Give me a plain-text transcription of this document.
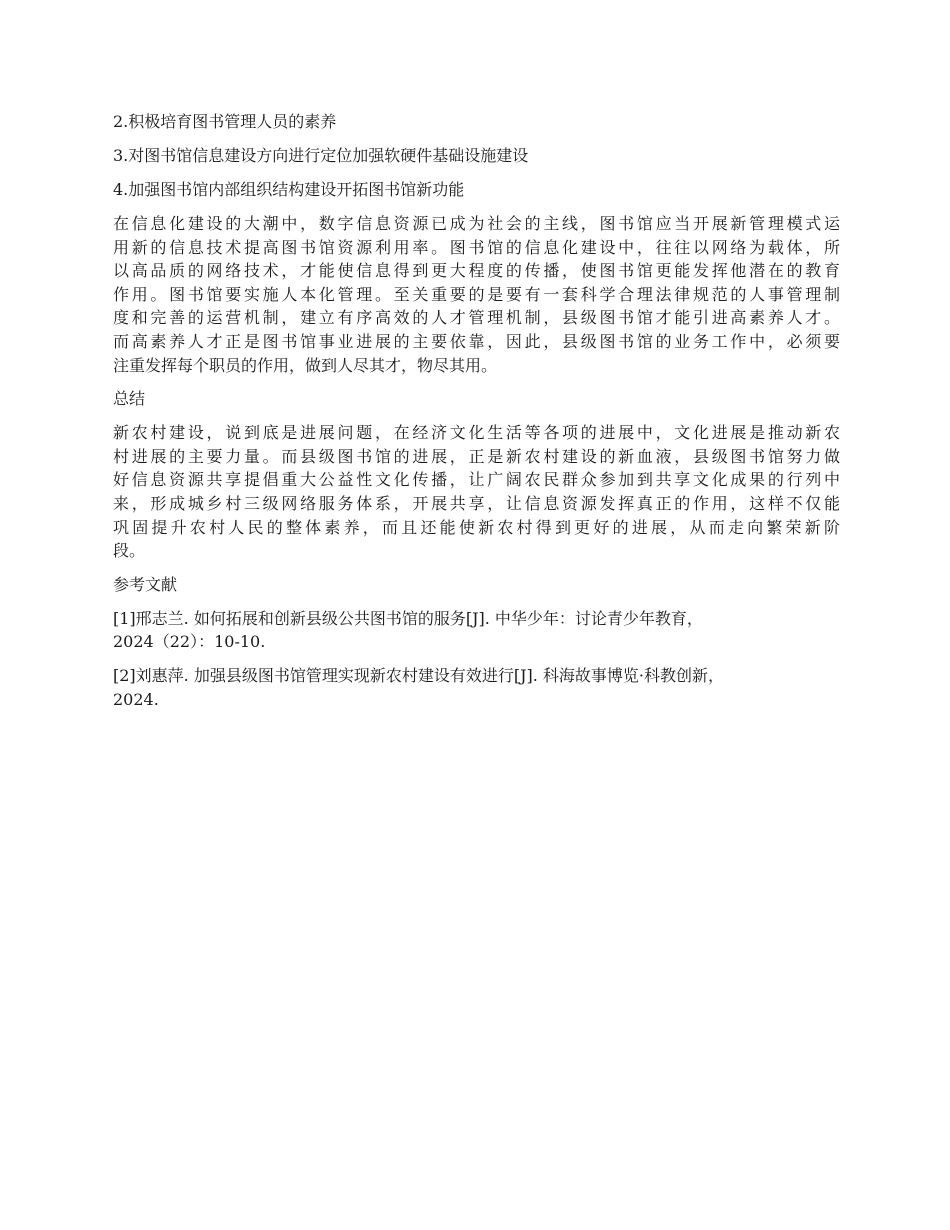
2.积极培育图书管理人员的素养
3.对图书馆信息建设方向进行定位加强软硬件基础设施建设
4.加强图书馆内部组织结构建设开拓图书馆新功能
在信息化建设的大潮中，数字信息资源已成为社会的主线，图书馆应当开展新管理模式运
用新的信息技术提高图书馆资源利用率。图书馆的信息化建设中，往往以网络为载体，所
以高品质的网络技术，才能使信息得到更大程度的传播，使图书馆更能发挥他潜在的教育
作用。图书馆要实施人本化管理。至关重要的是要有一套科学合理法律规范的人事管理制
度和完善的运营机制，建立有序高效的人才管理机制，县级图书馆才能引进高素养人才。
而高素养人才正是图书馆事业进展的主要依靠，因此，县级图书馆的业务工作中，必须要
注重发挥每个职员的作用，做到人尽其才，物尽其用。
总结
新农村建设，说到底是进展问题，在经济文化生活等各项的进展中，文化进展是推动新农
村进展的主要力量。而县级图书馆的进展，正是新农村建设的新血液，县级图书馆努力做
好信息资源共享提倡重大公益性文化传播，让广阔农民群众参加到共享文化成果的行列中
来，形成城乡村三级网络服务体系，开展共享，让信息资源发挥真正的作用，这样不仅能
巩固提升农村人民的整体素养，而且还能使新农村得到更好的进展，从而走向繁荣新阶
段。
参考文献
[1]邢志兰. 如何拓展和创新县级公共图书馆的服务[J]. 中华少年：讨论青少年教育，
2024（22）：10-10.
[2]刘惠萍. 加强县级图书馆管理实现新农村建设有效进行[J]. 科海故事博览·科教创新，
2024.
